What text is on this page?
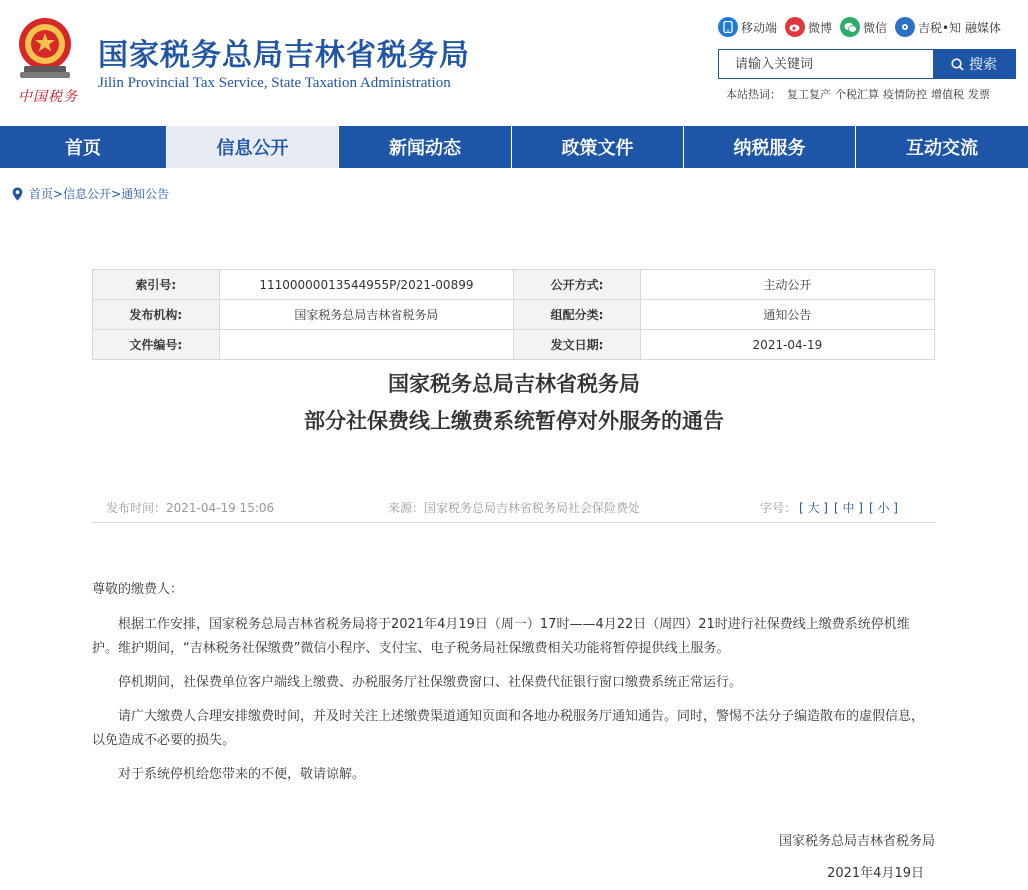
中国税务
国家税务总局吉林省税务局
Jilin Provincial Tax Service, State Taxation Administration
移动端	微博	微信	吉税•知 融媒体
请输入关键词
搜索
本站热词： 复工复产 个税汇算 疫情防控 增值税 发票
首页	信息公开	新闻动态	政策文件	纳税服务	互动交流
首页 > 信息公开 > 通知公告
索引号:	11100000013544955P/2021-00899	公开方式:	主动公开
发布机构:	国家税务总局吉林省税务局	组配分类:	通知公告
文件编号:		发文日期:	2021-04-19
国家税务总局吉林省税务局
部分社保费线上缴费系统暂停对外服务的通告
发布时间：2021-04-19 15:06	来源：国家税务总局吉林省税务局社会保险费处	字号： [ 大 ] [ 中 ] [ 小 ]

尊敬的缴费人：

根据工作安排，国家税务总局吉林省税务局将于2021年4月19日（周一）17时——4月22日（周四）21时进行社保费线上缴费系统停机维护。维护期间，“吉林税务社保缴费”微信小程序、支付宝、电子税务局社保缴费相关功能将暂停提供线上服务。

停机期间，社保费单位客户端线上缴费、办税服务厅社保缴费窗口、社保费代征银行窗口缴费系统正常运行。

请广大缴费人合理安排缴费时间，并及时关注上述缴费渠道通知页面和各地办税服务厅通知通告。同时，警惕不法分子编造散布的虚假信息，以免造成不必要的损失。

对于系统停机给您带来的不便，敬请谅解。

国家税务总局吉林省税务局
2021年4月19日
